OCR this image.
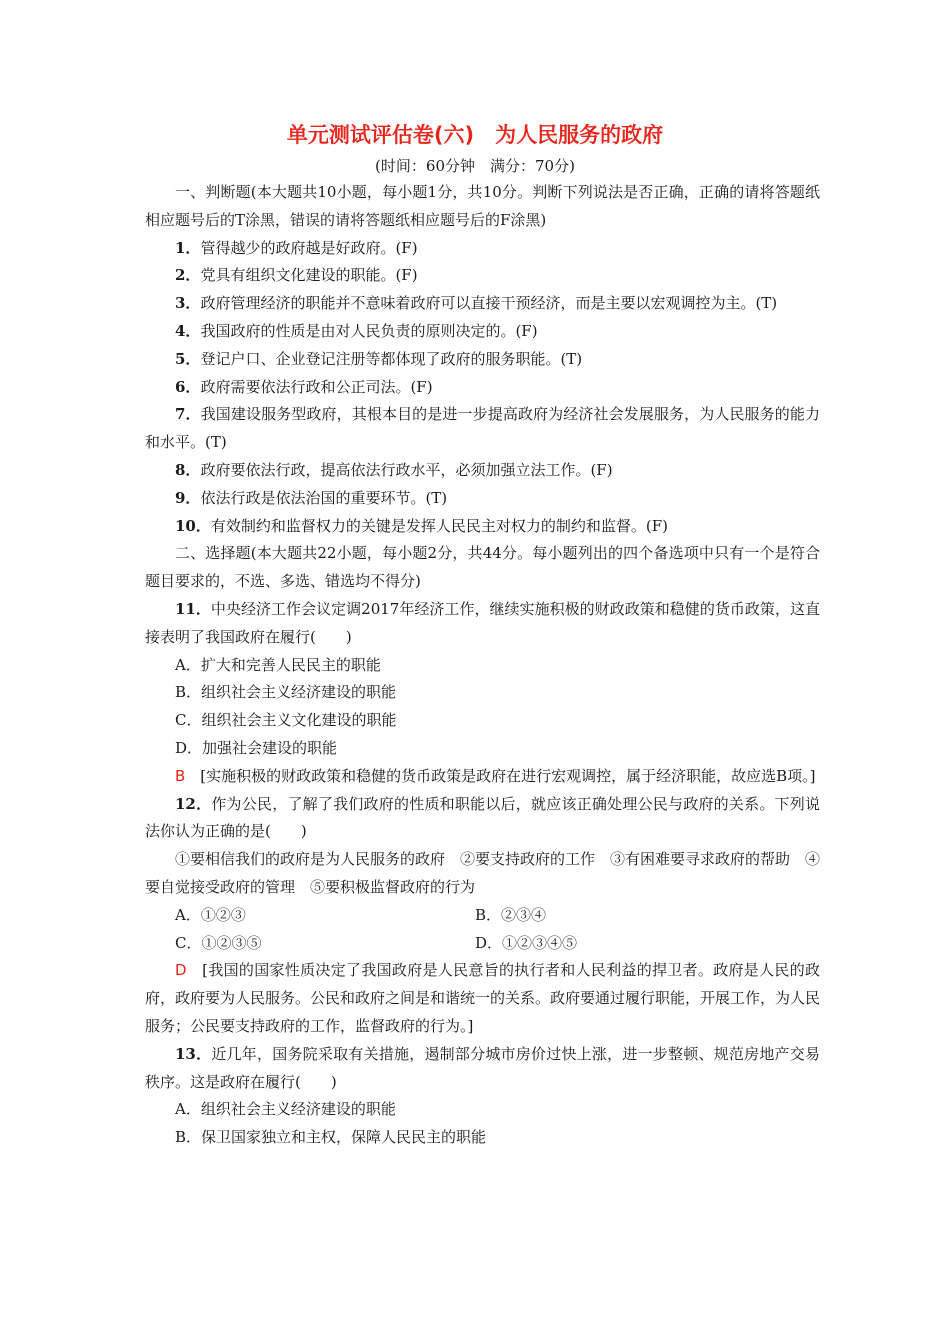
单元测试评估卷(六)　为人民服务的政府
(时间：60分钟　满分：70分)

一、判断题(本大题共10小题，每小题1分，共10分。判断下列说法是否正确，正确的请将答题纸相应题号后的T涂黑，错误的请将答题纸相应题号后的F涂黑)

1．管得越少的政府越是好政府。(F)

2．党具有组织文化建设的职能。(F)

3．政府管理经济的职能并不意味着政府可以直接干预经济，而是主要以宏观调控为主。(T)

4．我国政府的性质是由对人民负责的原则决定的。(F)

5．登记户口、企业登记注册等都体现了政府的服务职能。(T)

6．政府需要依法行政和公正司法。(F)

7．我国建设服务型政府，其根本目的是进一步提高政府为经济社会发展服务，为人民服务的能力和水平。(T)

8．政府要依法行政，提高依法行政水平，必须加强立法工作。(F)

9．依法行政是依法治国的重要环节。(T)

10．有效制约和监督权力的关键是发挥人民民主对权力的制约和监督。(F)

二、选择题(本大题共22小题，每小题2分，共44分。每小题列出的四个备选项中只有一个是符合题目要求的，不选、多选、错选均不得分)

11．中央经济工作会议定调2017年经济工作，继续实施积极的财政政策和稳健的货币政策，这直接表明了我国政府在履行(　　)

A．扩大和完善人民民主的职能

B．组织社会主义经济建设的职能

C．组织社会主义文化建设的职能

D．加强社会建设的职能

B　[实施积极的财政政策和稳健的货币政策是政府在进行宏观调控，属于经济职能，故应选B项。]

12．作为公民，了解了我们政府的性质和职能以后，就应该正确处理公民与政府的关系。下列说法你认为正确的是(　　)

①要相信我们的政府是为人民服务的政府　②要支持政府的工作　③有困难要寻求政府的帮助　④要自觉接受政府的管理　⑤要积极监督政府的行为

A．①②③	B．②③④
C．①②③⑤	D．①②③④⑤

D　[我国的国家性质决定了我国政府是人民意旨的执行者和人民利益的捍卫者。政府是人民的政府，政府要为人民服务。公民和政府之间是和谐统一的关系。政府要通过履行职能，开展工作，为人民服务；公民要支持政府的工作，监督政府的行为。]

13．近几年，国务院采取有关措施，遏制部分城市房价过快上涨，进一步整顿、规范房地产交易秩序。这是政府在履行(　　)

A．组织社会主义经济建设的职能

B．保卫国家独立和主权，保障人民民主的职能
